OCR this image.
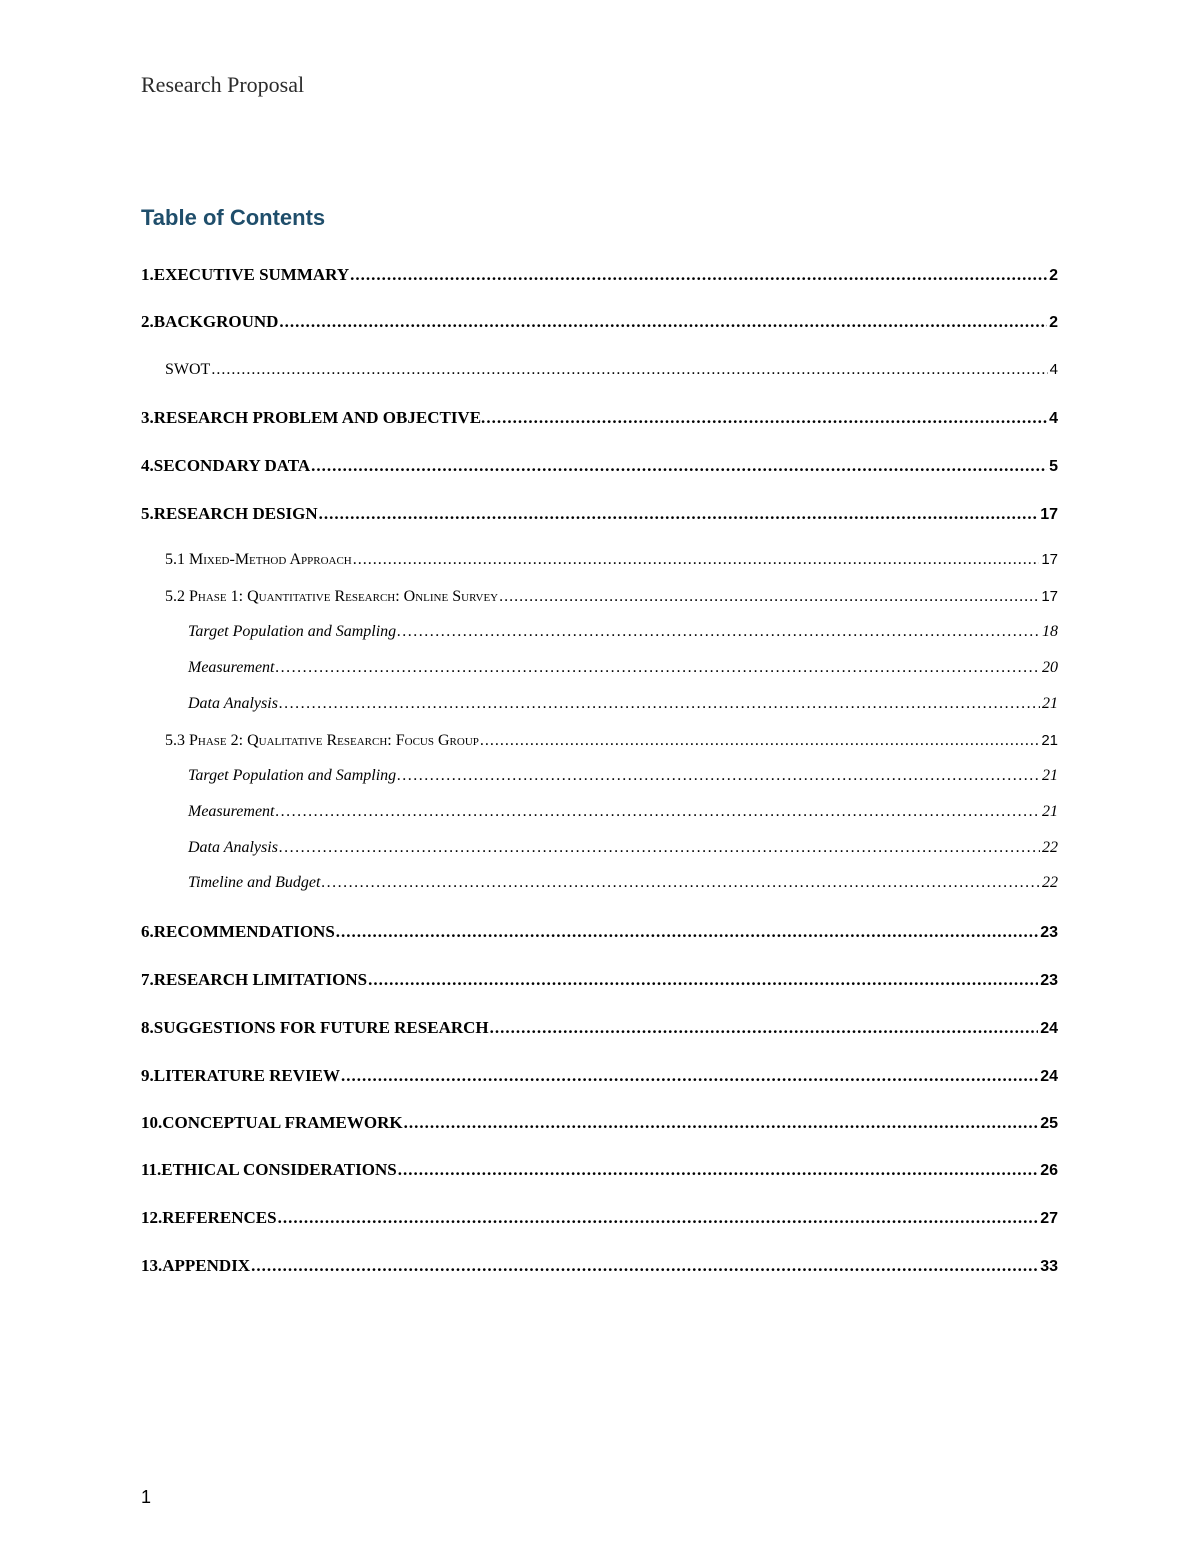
Research Proposal
Table of Contents
1.EXECUTIVE SUMMARY .....	2
2.BACKGROUND .....	2
SWOT .....	4
3.RESEARCH PROBLEM AND OBJECTIVE. .....	4
4.SECONDARY DATA .....	5
5.RESEARCH DESIGN .....	17
5.1 Mixed-Method Approach .....	17
5.2 Phase 1: Quantitative Research: Online Survey .....	17
Target Population and Sampling .....	18
Measurement .....	20
Data Analysis .....	21
5.3 Phase 2: Qualitative Research: Focus Group .....	21
Target Population and Sampling .....	21
Measurement .....	21
Data Analysis .....	22
Timeline and Budget .....	22
6.RECOMMENDATIONS .....	23
7.RESEARCH LIMITATIONS .....	23
8.SUGGESTIONS FOR FUTURE RESEARCH .....	24
9.LITERATURE REVIEW .....	24
10.CONCEPTUAL FRAMEWORK .....	25
11.ETHICAL CONSIDERATIONS .....	26
12.REFERENCES .....	27
13.APPENDIX .....	33
1
